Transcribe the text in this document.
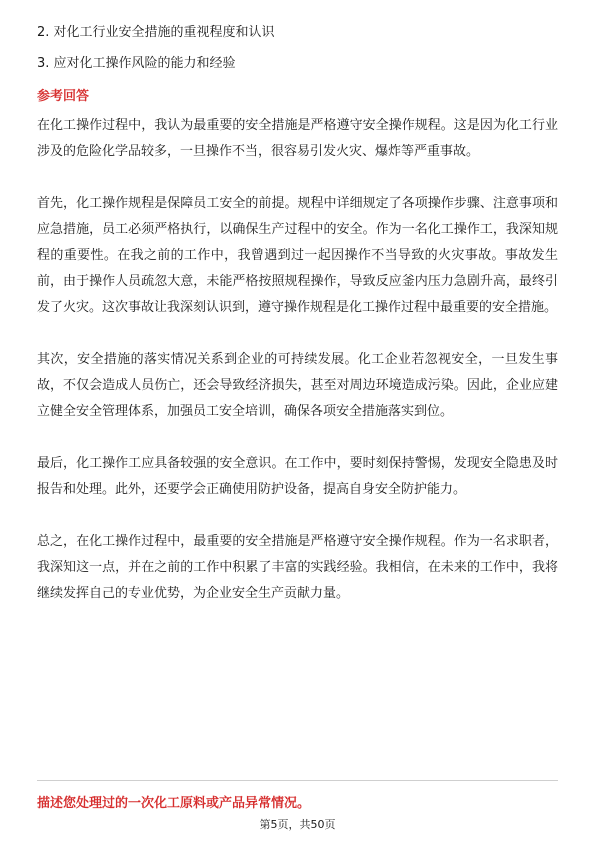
2. 对化工行业安全措施的重视程度和认识
3. 应对化工操作风险的能力和经验
参考回答

在化工操作过程中，我认为最重要的安全措施是严格遵守安全操作规程。这是因为化工行业涉及的危险化学品较多，一旦操作不当，很容易引发火灾、爆炸等严重事故。

首先，化工操作规程是保障员工安全的前提。规程中详细规定了各项操作步骤、注意事项和应急措施，员工必须严格执行，以确保生产过程中的安全。作为一名化工操作工，我深知规程的重要性。在我之前的工作中，我曾遇到过一起因操作不当导致的火灾事故。事故发生前，由于操作人员疏忽大意，未能严格按照规程操作，导致反应釜内压力急剧升高，最终引发了火灾。这次事故让我深刻认识到，遵守操作规程是化工操作过程中最重要的安全措施。

其次，安全措施的落实情况关系到企业的可持续发展。化工企业若忽视安全，一旦发生事故，不仅会造成人员伤亡，还会导致经济损失，甚至对周边环境造成污染。因此，企业应建立健全安全管理体系，加强员工安全培训，确保各项安全措施落实到位。

最后，化工操作工应具备较强的安全意识。在工作中，要时刻保持警惕，发现安全隐患及时报告和处理。此外，还要学会正确使用防护设备，提高自身安全防护能力。

总之，在化工操作过程中，最重要的安全措施是严格遵守安全操作规程。作为一名求职者，我深知这一点，并在之前的工作中积累了丰富的实践经验。我相信，在未来的工作中，我将继续发挥自己的专业优势，为企业安全生产贡献力量。

描述您处理过的一次化工原料或产品异常情况。
第5页，共50页
